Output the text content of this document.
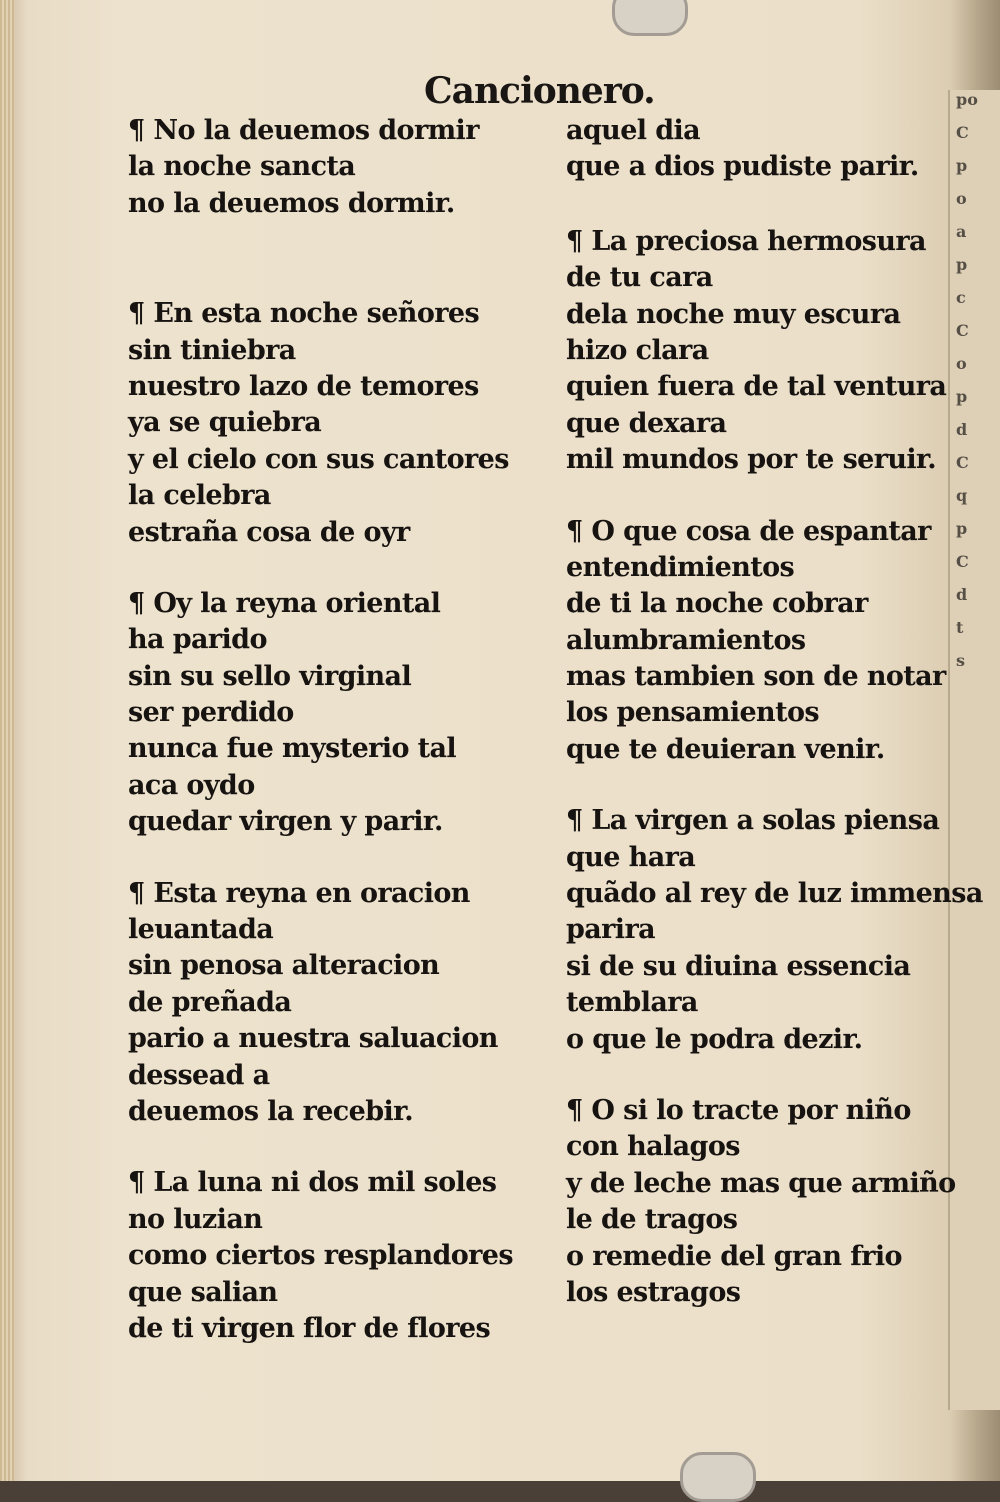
po
C
p
o
a
p
c
C
o
p
d
C
q
p
C
d
t
s
Cancionero.
¶ No la deuemos dormir
la noche sancta
no la deuemos dormir.
¶ En esta noche señores
sin tiniebra
nuestro lazo de temores
ya se quiebra
y el cielo con sus cantores
la celebra
estraña cosa de oyr
¶ Oy la reyna oriental
ha parido
sin su sello virginal
ser perdido
nunca fue mysterio tal
aca oydo
quedar virgen y parir.
¶ Esta reyna en oracion
leuantada
sin penosa alteracion
de preñada
pario a nuestra saluacion
dessead a
deuemos la recebir.
¶ La luna ni dos mil soles
no luzian
como ciertos resplandores
que salian
de ti virgen flor de flores
aquel dia
que a dios pudiste parir.
¶ La preciosa hermosura
de tu cara
dela noche muy escura
hizo clara
quien fuera de tal ventura
que dexara
mil mundos por te seruir.
¶ O que cosa de espantar
entendimientos
de ti la noche cobrar
alumbramientos
mas tambien son de notar
los pensamientos
que te deuieran venir.
¶ La virgen a solas piensa
que hara
quãdo al rey de luz immensa
parira
si de su diuina essencia
temblara
o que le podra dezir.
¶ O si lo tracte por niño
con halagos
y de leche mas que armiño
le de tragos
o remedie del gran frio
los estragos
